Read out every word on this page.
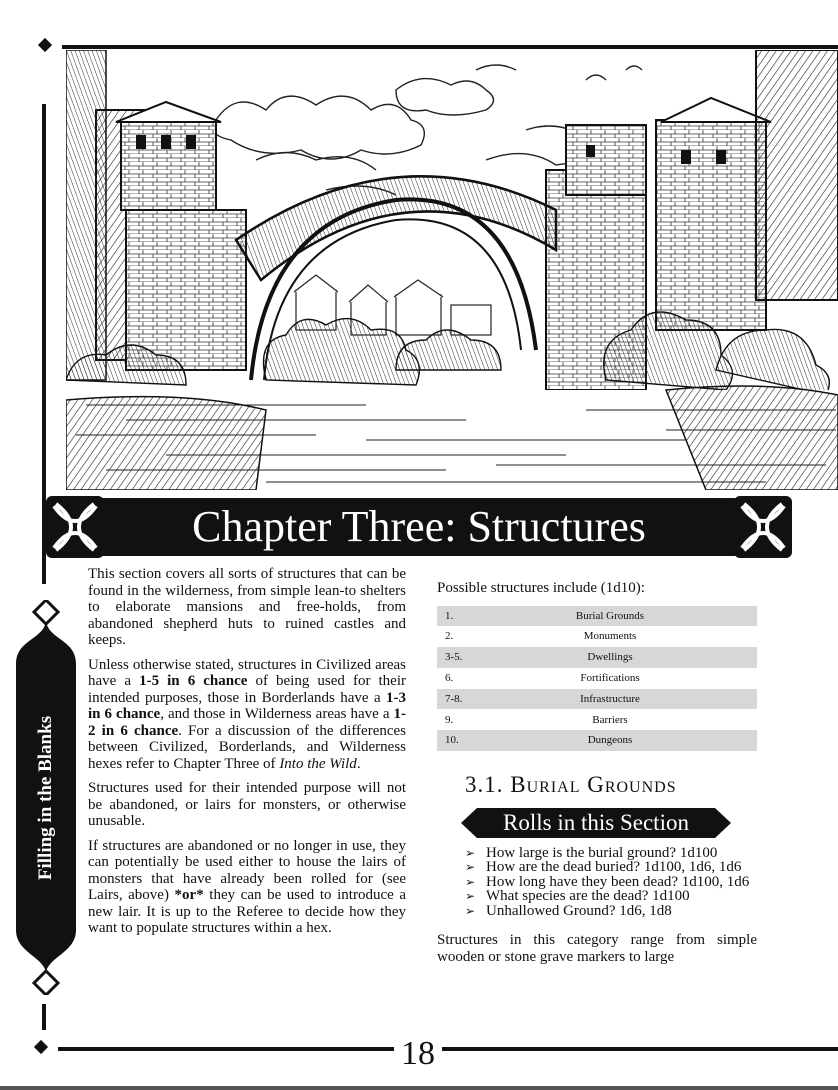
Chapter Three: Structures
Filling in the Blanks

This section covers all sorts of structures that can be found in the wilderness, from simple lean-to shelters to elaborate mansions and free-holds, from abandoned shepherd huts to ruined castles and keeps.

Unless otherwise stated, structures in Civilized areas have a 1-5 in 6 chance of being used for their intended purposes, those in Borderlands have a 1-3 in 6 chance, and those in Wilderness areas have a 1-2 in 6 chance. For a discussion of the differences between Civilized, Borderlands, and Wilderness hexes refer to Chapter Three of Into the Wild.

Structures used for their intended purpose will not be abandoned, or lairs for monsters, or otherwise unusable.

If structures are abandoned or no longer in use, they can potentially be used either to house the lairs of monsters that have already been rolled for (see Lairs, above) *or* they can be used to introduce a new lair. It is up to the Referee to decide how they want to populate structures within a hex.

Possible structures include (1d10):
1.	Burial Grounds
2.	Monuments
3-5.	Dwellings
6.	Fortifications
7-8.	Infrastructure
9.	Barriers
10.	Dungeons
3.1. Burial Grounds
Rolls in this Section
➢ How large is the burial ground? 1d100
➢ How are the dead buried? 1d100, 1d6, 1d6
➢ How long have they been dead? 1d100, 1d6
➢ What species are the dead? 1d100
➢ Unhallowed Ground? 1d6, 1d8

Structures in this category range from simple wooden or stone grave markers to large

18
